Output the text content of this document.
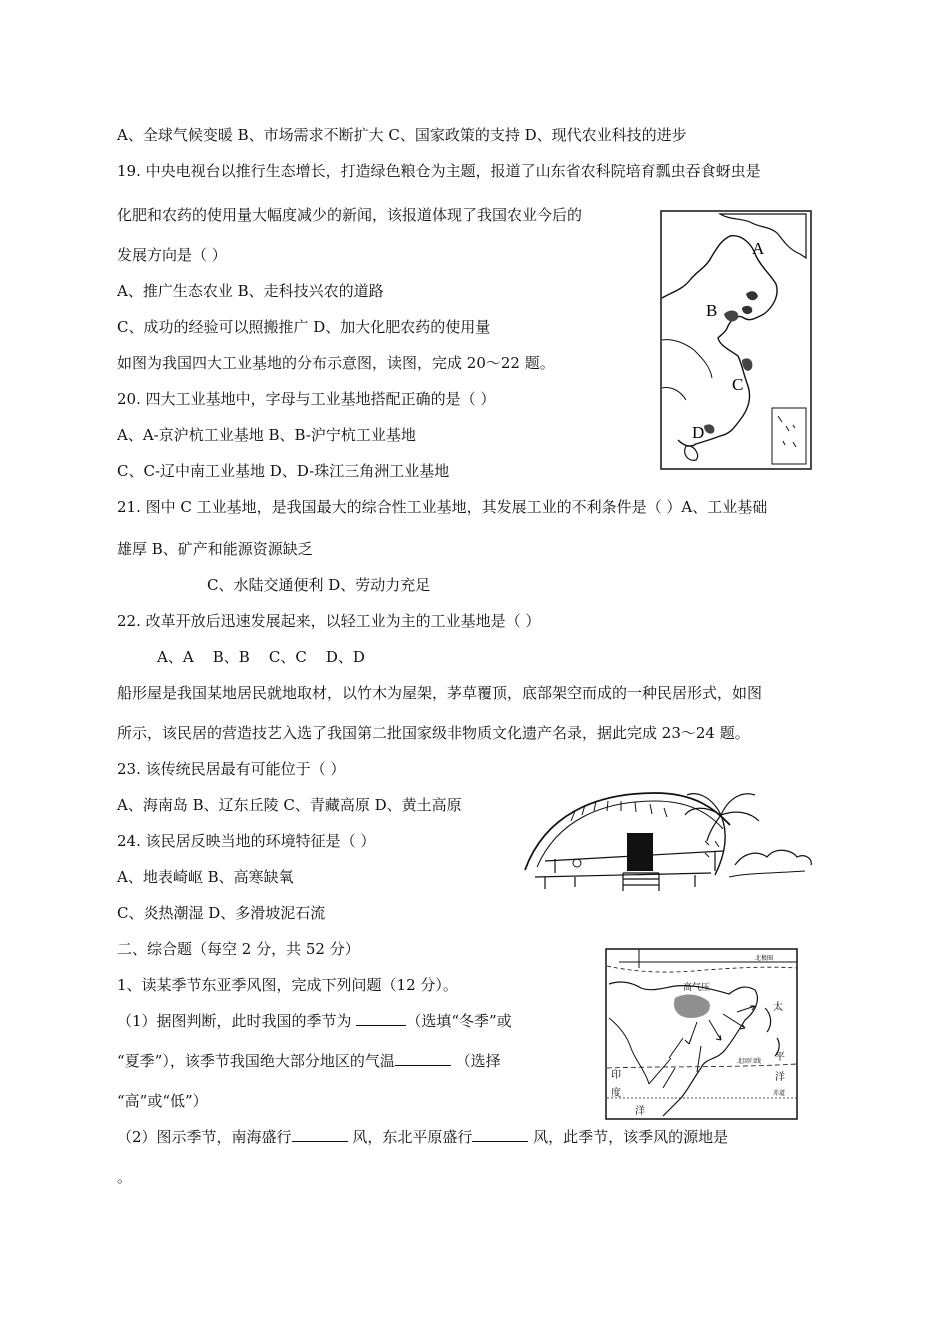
A、全球气候变暖 B、市场需求不断扩大 C、国家政策的支持 D、现代农业科技的进步
19. 中央电视台以推行生态增长，打造绿色粮仓为主题，报道了山东省农科院培育瓢虫吞食蚜虫是
化肥和农药的使用量大幅度减少的新闻，该报道体现了我国农业今后的
发展方向是（ ）
A、推广生态农业 B、走科技兴农的道路
C、成功的经验可以照搬推广 D、加大化肥农药的使用量
如图为我国四大工业基地的分布示意图，读图，完成 20～22 题。
20. 四大工业基地中，字母与工业基地搭配正确的是（ ）
A、A-京沪杭工业基地 B、B-沪宁杭工业基地
C、C-辽中南工业基地 D、D-珠江三角洲工业基地
21. 图中 C 工业基地，是我国最大的综合性工业基地，其发展工业的不利条件是（ ）A、工业基础
雄厚 B、矿产和能源资源缺乏
C、水陆交通便利 D、劳动力充足
22. 改革开放后迅速发展起来，以轻工业为主的工业基地是（ ）
A、A    B、B    C、C    D、D
船形屋是我国某地居民就地取材，以竹木为屋架，茅草覆顶，底部架空而成的一种民居形式，如图
所示，该民居的营造技艺入选了我国第二批国家级非物质文化遗产名录，据此完成 23～24 题。
23. 该传统民居最有可能位于（ ）
A、海南岛 B、辽东丘陵 C、青藏高原 D、黄土高原
24. 该民居反映当地的环境特征是（ ）
A、地表崎岖 B、高寒缺氧
C、炎热潮湿 D、多滑坡泥石流
二、综合题（每空 2 分，共 52 分）
1、读某季节东亚季风图，完成下列问题（12 分）。
（1）据图判断，此时我国的季节为	（选填“冬季”或
“夏季”），该季节我国绝大部分地区的气温	（选择
“高”或“低”）
（2）图示季节，南海盛行	风，东北平原盛行	风，此季节，该季风的源地是
。
A
B
C
D
北极圈
高气压
太
平
洋
北回归线
印
度
洋
赤道
